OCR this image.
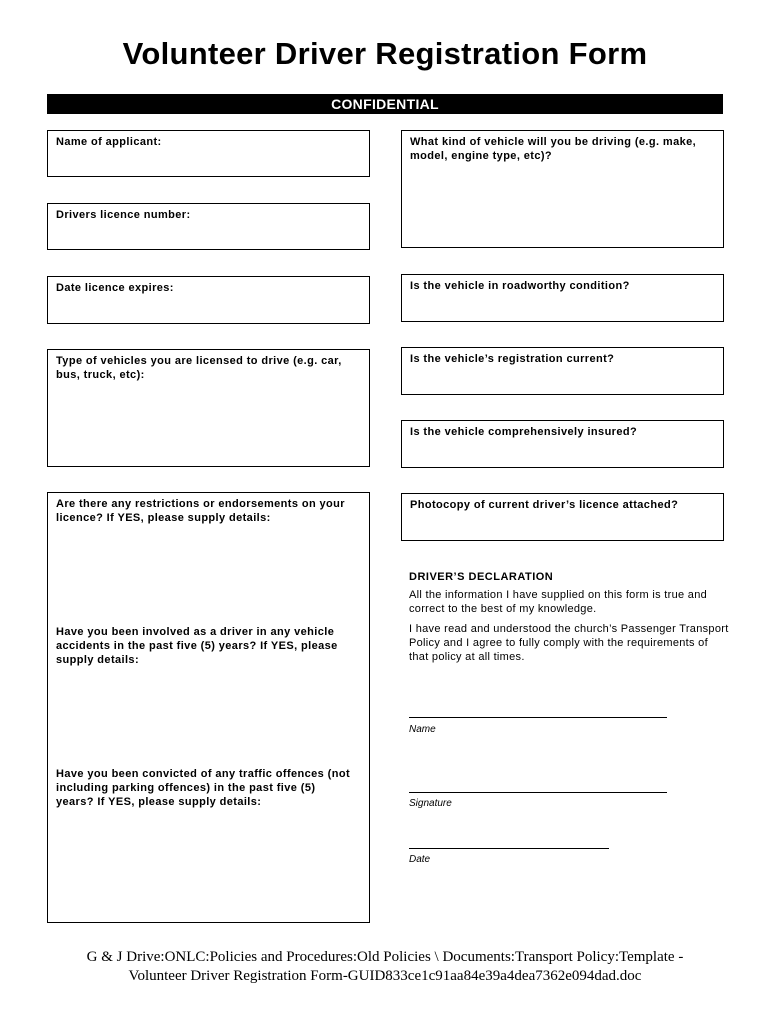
Volunteer Driver Registration Form
CONFIDENTIAL
Name of applicant:
Drivers licence number:
Date licence expires:
Type of vehicles you are licensed to drive (e.g. car, bus, truck, etc):
Are there any restrictions or endorsements on your licence? If YES, please supply details:
Have you been involved as a driver in any vehicle accidents in the past five (5) years? If YES, please supply details:
Have you been convicted of any traffic offences (not including parking offences) in the past five (5) years? If YES, please supply details:
What kind of vehicle will you be driving (e.g. make, model, engine type, etc)?
Is the vehicle in roadworthy condition?
Is the vehicle’s registration current?
Is the vehicle comprehensively insured?
Photocopy of current driver’s licence attached?
DRIVER’S DECLARATION
All the information I have supplied on this form is true and correct to the best of my knowledge.
I have read and understood the church’s Passenger Transport Policy and I agree to fully comply with the requirements of that policy at all times.
Name
Signature
Date
G & J Drive:ONLC:Policies and Procedures:Old Policies \ Documents:Transport Policy:Template - Volunteer Driver Registration Form-GUID833ce1c91aa84e39a4dea7362e094dad.doc
